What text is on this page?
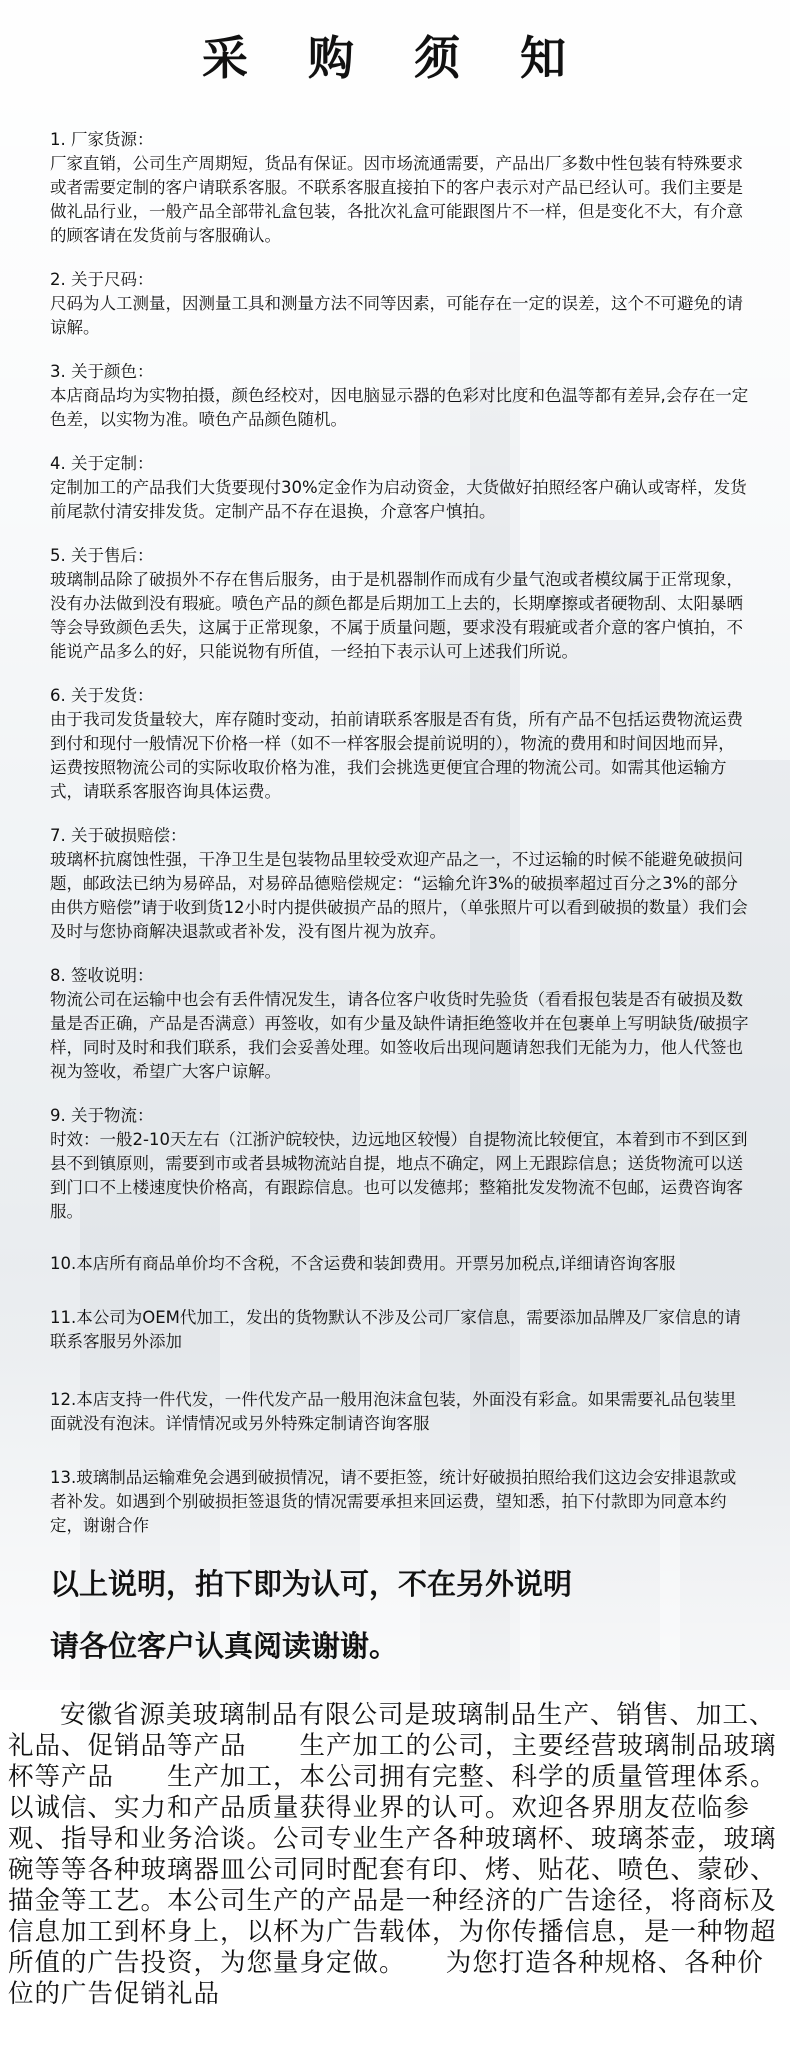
采 购 须 知
1. 厂家货源：
厂家直销，公司生产周期短，货品有保证。因市场流通需要，产品出厂多数中性包装有特殊要求或者需要定制的客户请联系客服。不联系客服直接拍下的客户表示对产品已经认可。我们主要是做礼品行业，一般产品全部带礼盒包装，各批次礼盒可能跟图片不一样，但是变化不大，有介意的顾客请在发货前与客服确认。
2. 关于尺码：
尺码为人工测量，因测量工具和测量方法不同等因素，可能存在一定的误差，这个不可避免的请谅解。
3. 关于颜色：
本店商品均为实物拍摄，颜色经校对，因电脑显示器的色彩对比度和色温等都有差异,会存在一定色差，以实物为准。喷色产品颜色随机。
4. 关于定制：
定制加工的产品我们大货要现付30%定金作为启动资金，大货做好拍照经客户确认或寄样，发货前尾款付清安排发货。定制产品不存在退换，介意客户慎拍。
5. 关于售后：
玻璃制品除了破损外不存在售后服务，由于是机器制作而成有少量气泡或者模纹属于正常现象，没有办法做到没有瑕疵。喷色产品的颜色都是后期加工上去的，长期摩擦或者硬物刮、太阳暴晒等会导致颜色丢失，这属于正常现象，不属于质量问题，要求没有瑕疵或者介意的客户慎拍，不能说产品多么的好，只能说物有所值，一经拍下表示认可上述我们所说。
6. 关于发货：
由于我司发货量较大，库存随时变动，拍前请联系客服是否有货，所有产品不包括运费物流运费到付和现付一般情况下价格一样（如不一样客服会提前说明的），物流的费用和时间因地而异，运费按照物流公司的实际收取价格为准，我们会挑选更便宜合理的物流公司。如需其他运输方式，请联系客服咨询具体运费。
7. 关于破损赔偿：
玻璃杯抗腐蚀性强，干净卫生是包装物品里较受欢迎产品之一，不过运输的时候不能避免破损问题，邮政法已纳为易碎品，对易碎品德赔偿规定：“运输允许3%的破损率超过百分之3%的部分由供方赔偿”请于收到货12小时内提供破损产品的照片，（单张照片可以看到破损的数量）我们会及时与您协商解决退款或者补发，没有图片视为放弃。
8. 签收说明：
物流公司在运输中也会有丢件情况发生，请各位客户收货时先验货（看看报包装是否有破损及数量是否正确，产品是否满意）再签收，如有少量及缺件请拒绝签收并在包裹单上写明缺货/破损字样，同时及时和我们联系，我们会妥善处理。如签收后出现问题请恕我们无能为力，他人代签也视为签收，希望广大客户谅解。
9. 关于物流：
时效：一般2-10天左右（江浙沪皖较快，边远地区较慢）自提物流比较便宜，本着到市不到区到县不到镇原则，需要到市或者县城物流站自提，地点不确定，网上无跟踪信息；送货物流可以送到门口不上楼速度快价格高，有跟踪信息。也可以发德邦；整箱批发发物流不包邮，运费咨询客服。
10.本店所有商品单价均不含税，不含运费和装卸费用。开票另加税点,详细请咨询客服
11.本公司为OEM代加工，发出的货物默认不涉及公司厂家信息，需要添加品牌及厂家信息的请联系客服另外添加
12.本店支持一件代发，一件代发产品一般用泡沫盒包装，外面没有彩盒。如果需要礼品包装里面就没有泡沫。详情情况或另外特殊定制请咨询客服
13.玻璃制品运输难免会遇到破损情况，请不要拒签，统计好破损拍照给我们这边会安排退款或者补发。如遇到个别破损拒签退货的情况需要承担来回运费，望知悉，拍下付款即为同意本约定，谢谢合作
以上说明，拍下即为认可，不在另外说明
请各位客户认真阅读谢谢。
安徽省源美玻璃制品有限公司是玻璃制品生产、销售、加工、礼品、促销品等产品　　生产加工的公司，主要经营玻璃制品玻璃杯等产品　　生产加工，本公司拥有完整、科学的质量管理体系。以诚信、实力和产品质量获得业界的认可。欢迎各界朋友莅临参观、指导和业务洽谈。公司专业生产各种玻璃杯、玻璃茶壶，玻璃碗等等各种玻璃器皿公司同时配套有印、烤、贴花、喷色、蒙砂、描金等工艺。本公司生产的产品是一种经济的广告途径，将商标及信息加工到杯身上，以杯为广告载体，为你传播信息，是一种物超所值的广告投资，为您量身定做。　　为您打造各种规格、各种价位的广告促销礼品
